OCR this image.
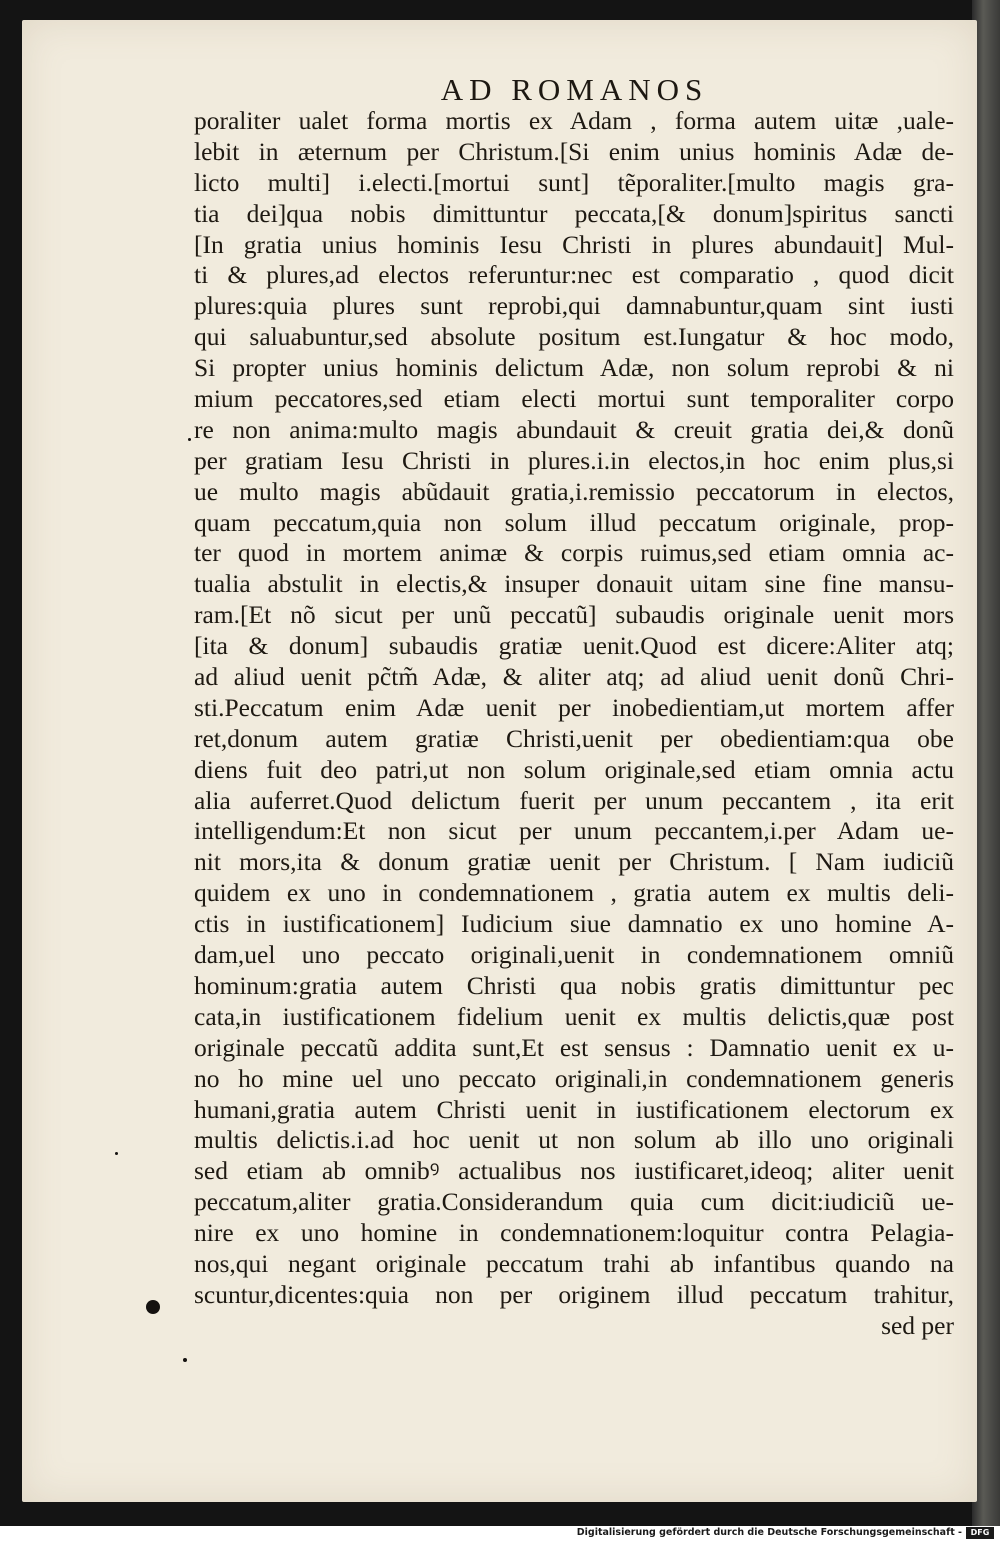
AD ROMANOS
poraliter ualet forma mortis ex Adam , forma autem uitæ ,uale-
lebit in æternum per Christum.[Si enim unius hominis Adæ de-
licto multi] i.electi.[mortui sunt] tẽporaliter.[multo magis gra-
tia dei]qua nobis dimittuntur peccata,[& donum]spiritus sancti
[In gratia unius hominis Iesu Christi in plures abundauit] Mul-
ti & plures,ad electos referuntur:nec est comparatio , quod dicit
plures:quia plures sunt reprobi,qui damnabuntur,quam sint iusti
qui saluabuntur,sed absolute positum est.Iungatur & hoc modo,
Si propter unius hominis delictum Adæ, non solum reprobi & ni
mium peccatores,sed etiam electi mortui sunt temporaliter corpo
re non anima:multo magis abundauit & creuit gratia dei,& donũ
per gratiam Iesu Christi in plures.i.in electos,in hoc enim plus,si
ue multo magis abũdauit gratia,i.remissio peccatorum in electos,
quam peccatum,quia non solum illud peccatum originale, prop-
ter quod in mortem animæ & corpis ruimus,sed etiam omnia ac-
tualia abstulit in electis,& insuper donauit uitam sine fine mansu-
ram.[Et nõ sicut per unũ peccatũ] subaudis originale uenit mors
[ita & donum] subaudis gratiæ uenit.Quod est dicere:Aliter atq;
ad aliud uenit pc̃tm̃ Adæ, & aliter atq; ad aliud uenit donũ Chri-
sti.Peccatum enim Adæ uenit per inobedientiam,ut mortem affer
ret,donum autem gratiæ Christi,uenit per obedientiam:qua obe
diens fuit deo patri,ut non solum originale,sed etiam omnia actu
alia auferret.Quod delictum fuerit per unum peccantem , ita erit
intelligendum:Et non sicut per unum peccantem,i.per Adam ue-
nit mors,ita & donum gratiæ uenit per Christum. [ Nam iudiciũ
quidem ex uno in condemnationem , gratia autem ex multis deli-
ctis in iustificationem] Iudicium siue damnatio ex uno homine A-
dam,uel uno peccato originali,uenit in condemnationem omniũ
hominum:gratia autem Christi qua nobis gratis dimittuntur pec
cata,in iustificationem fidelium uenit ex multis delictis,quæ post
originale peccatũ addita sunt,Et est sensus : Damnatio uenit ex u-
no ho mine uel uno peccato originali,in condemnationem generis
humani,gratia autem Christi uenit in iustificationem electorum ex
multis delictis.i.ad hoc uenit ut non solum ab illo uno originali
sed etiam ab omnibꝰ actualibus nos iustificaret,ideoq; aliter uenit
peccatum,aliter gratia.Considerandum quia cum dicit:iudiciũ ue-
nire ex uno homine in condemnationem:loquitur contra Pelagia-
nos,qui negant originale peccatum trahi ab infantibus quando na
scuntur,dicentes:quia non per originem illud peccatum trahitur,
sed per
Digitalisierung gefördert durch die Deutsche Forschungsgemeinschaft -	DFG
